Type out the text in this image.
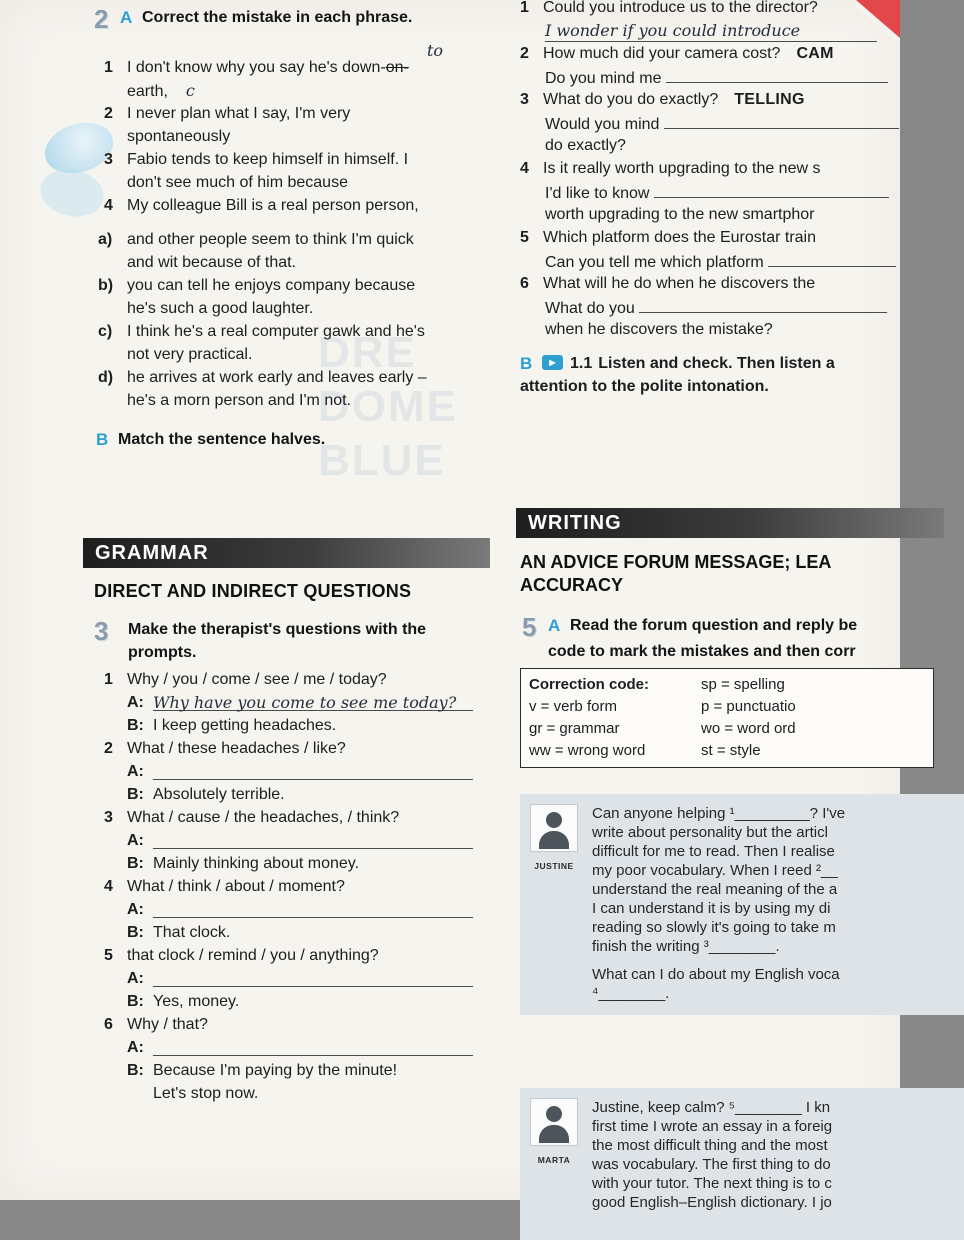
DRE
DOME
BLUE
2 A Correct the mistake in each phrase.
1
to
I don't know why you say he's down-on-
earth, c
2 I never plan what I say, I'm very
spontaneously
3 Fabio tends to keep himself in himself. I
don't see much of him because
4 My colleague Bill is a real person person,
a) and other people seem to think I'm quick
and wit because of that.
b) you can tell he enjoys company because
he's such a good laughter.
c) I think he's a real computer gawk and he's
not very practical.
d) he arrives at work early and leaves early –
he's a morn person and I'm not.
B Match the sentence halves.
GRAMMAR
DIRECT AND INDIRECT QUESTIONS
3	Make the therapist's questions with the
prompts.
1 Why / you / come / see / me / today?
A: Why have you come to see me today?
B: I keep getting headaches.
2 What / these headaches / like?
A:
B: Absolutely terrible.
3 What / cause / the headaches, / think?
A:
B: Mainly thinking about money.
4 What / think / about / moment?
A:
B: That clock.
5 that clock / remind / you / anything?
A:
B: Yes, money.
6 Why / that?
A:
B: Because I'm paying by the minute!
Let's stop now.
1 Could you introduce us to the director?
I wonder if you could introduce
2 How much did your camera cost? CAM
Do you mind me
3 What do you do exactly? TELLING
Would you mind
do exactly?
4 Is it really worth upgrading to the new s
I'd like to know
worth upgrading to the new smartphor
5 Which platform does the Eurostar train
Can you tell me which platform
6 What will he do when he discovers the
What do you
when he discovers the mistake?
B	▶ 1.1 Listen and check. Then listen a
attention to the polite intonation.
WRITING
AN ADVICE FORUM MESSAGE; LEA
ACCURACY
5 A Read the forum question and reply be
code to mark the mistakes and then corr
Correction code:	sp = spelling
v = verb form	p = punctuatio
gr = grammar	wo = word ord
ww = wrong word	st = style
JUSTINE
Can anyone helping ¹_________? I've
write about personality but the articl
difficult for me to read. Then I realise
my poor vocabulary. When I reed ²__
understand the real meaning of the a
I can understand it is by using my di
reading so slowly it's going to take m
finish the writing ³________.
What can I do about my English voca
⁴________.
MARTA
Justine, keep calm? ⁵________ I kn
first time I wrote an essay in a foreig
the most difficult thing and the most
was vocabulary. The first thing to do
with your tutor. The next thing is to c
good English–English dictionary. I jo
